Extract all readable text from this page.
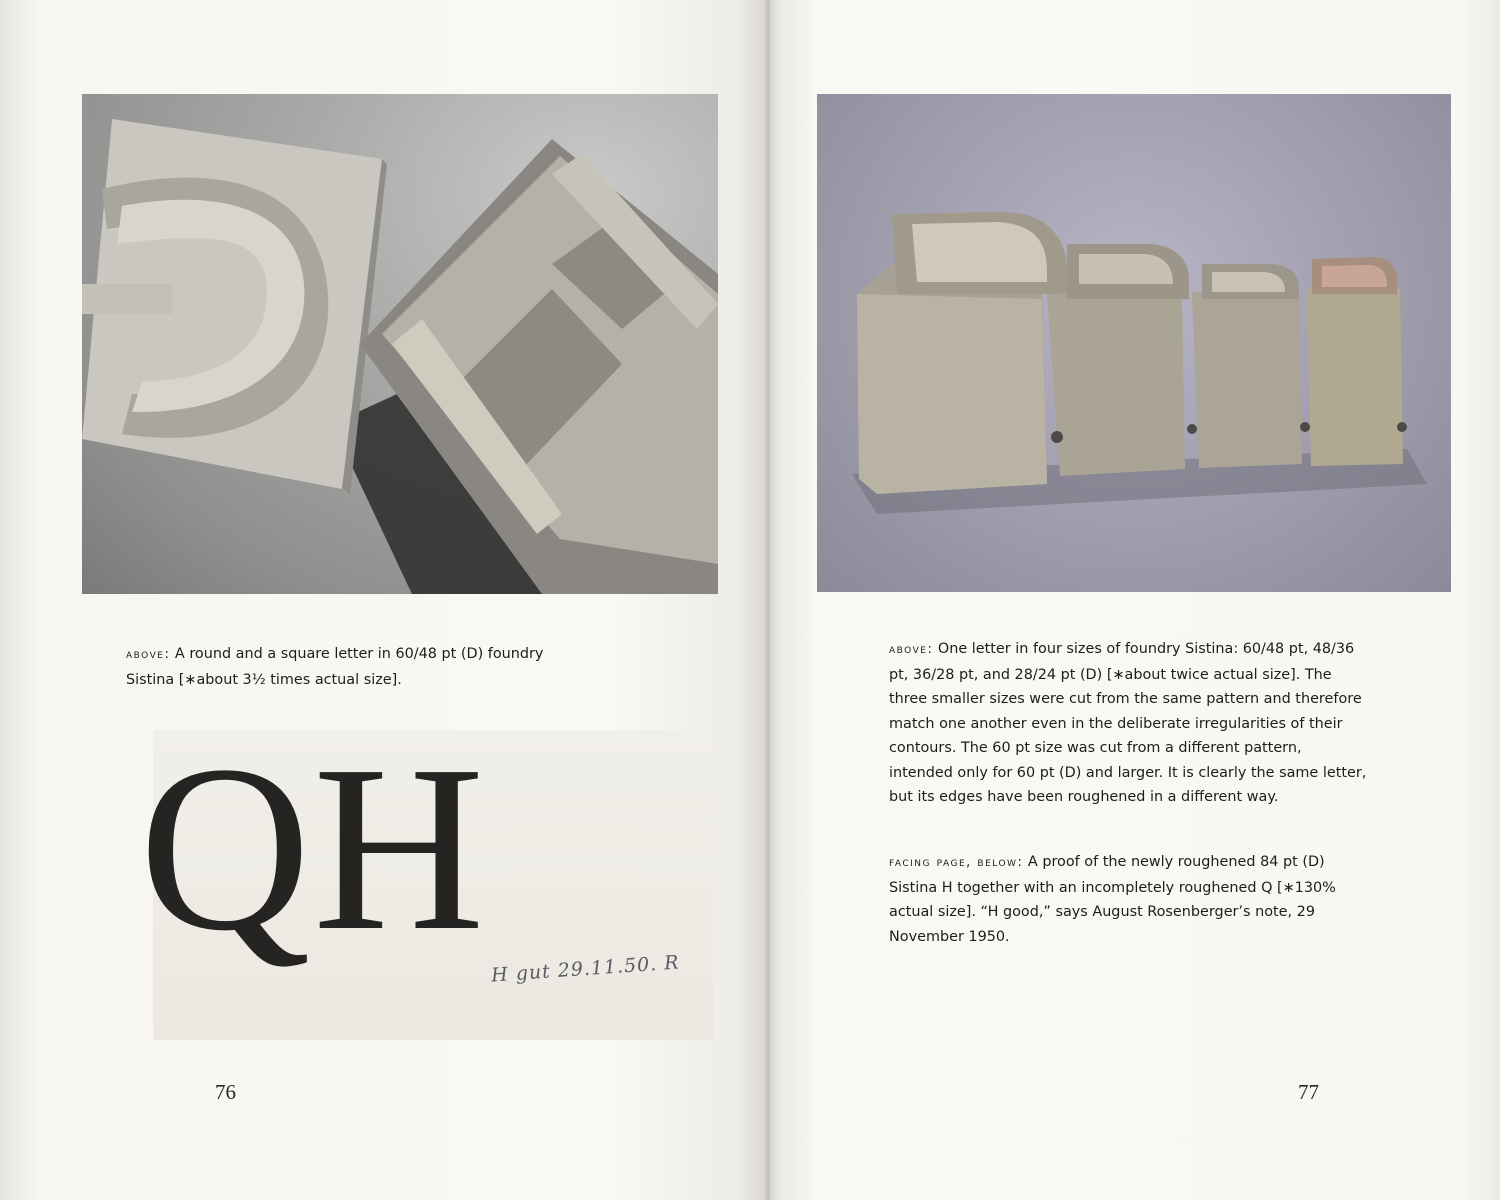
above: A round and a square letter in 60/48 pt (D) foundry Sistina [∗about 3½ times actual size].
QH H gut 29.11.50. R
76
above: One letter in four sizes of foundry Sistina: 60/48 pt, 48/36 pt, 36/28 pt, and 28/24 pt (D) [∗about twice actual size]. The three smaller sizes were cut from the same pattern and therefore match one another even in the deliberate irregularities of their contours. The 60 pt size was cut from a different pattern, intended only for 60 pt (D) and larger. It is clearly the same letter, but its edges have been roughened in a different way.
facing page, below: A proof of the newly roughened 84 pt (D) Sistina H together with an incompletely roughened Q [∗130% actual size]. “H good,” says August Rosenberger’s note, 29 November 1950.
77
